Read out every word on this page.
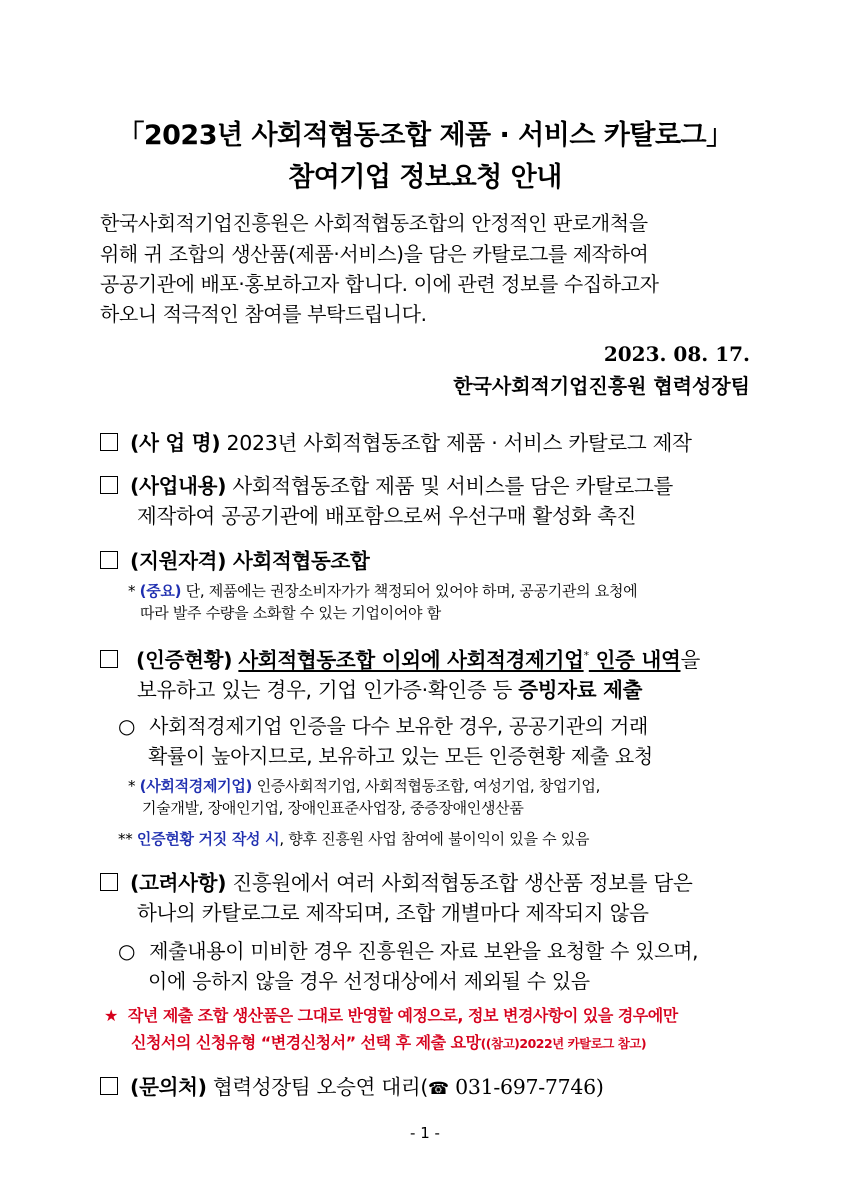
「2023년 사회적협동조합 제품 · 서비스 카탈로그」
참여기업 정보요청 안내
한국사회적기업진흥원은 사회적협동조합의 안정적인 판로개척을
위해 귀 조합의 생산품(제품·서비스)을 담은 카탈로그를 제작하여
공공기관에 배포·홍보하고자 합니다. 이에 관련 정보를 수집하고자
하오니 적극적인 참여를 부탁드립니다.
2023. 08. 17.
한국사회적기업진흥원 협력성장팀
(사 업 명) 2023년 사회적협동조합 제품 · 서비스 카탈로그 제작
(사업내용) 사회적협동조합 제품 및 서비스를 담은 카탈로그를
제작하여 공공기관에 배포함으로써 우선구매 활성화 촉진
(지원자격) 사회적협동조합
* (중요) 단, 제품에는 권장소비자가가 책정되어 있어야 하며, 공공기관의 요청에
따라 발주 수량을 소화할 수 있는 기업이어야 함
(인증현황) 사회적협동조합 이외에 사회적경제기업* 인증 내역을
보유하고 있는 경우, 기업 인가증·확인증 등 증빙자료 제출
○ 사회적경제기업 인증을 다수 보유한 경우, 공공기관의 거래
확률이 높아지므로, 보유하고 있는 모든 인증현황 제출 요청
* (사회적경제기업) 인증사회적기업, 사회적협동조합, 여성기업, 창업기업,
기술개발, 장애인기업, 장애인표준사업장, 중증장애인생산품
** 인증현황 거짓 작성 시, 향후 진흥원 사업 참여에 불이익이 있을 수 있음
(고려사항) 진흥원에서 여러 사회적협동조합 생산품 정보를 담은
하나의 카탈로그로 제작되며, 조합 개별마다 제작되지 않음
○ 제출내용이 미비한 경우 진흥원은 자료 보완을 요청할 수 있으며,
이에 응하지 않을 경우 선정대상에서 제외될 수 있음
★ 작년 제출 조합 생산품은 그대로 반영할 예정으로, 정보 변경사항이 있을 경우에만
신청서의 신청유형 “변경신청서” 선택 후 제출 요망((참고)2022년 카탈로그 참고)
(문의처) 협력성장팀 오승연 대리(☎ 031-697-7746)
- 1 -
